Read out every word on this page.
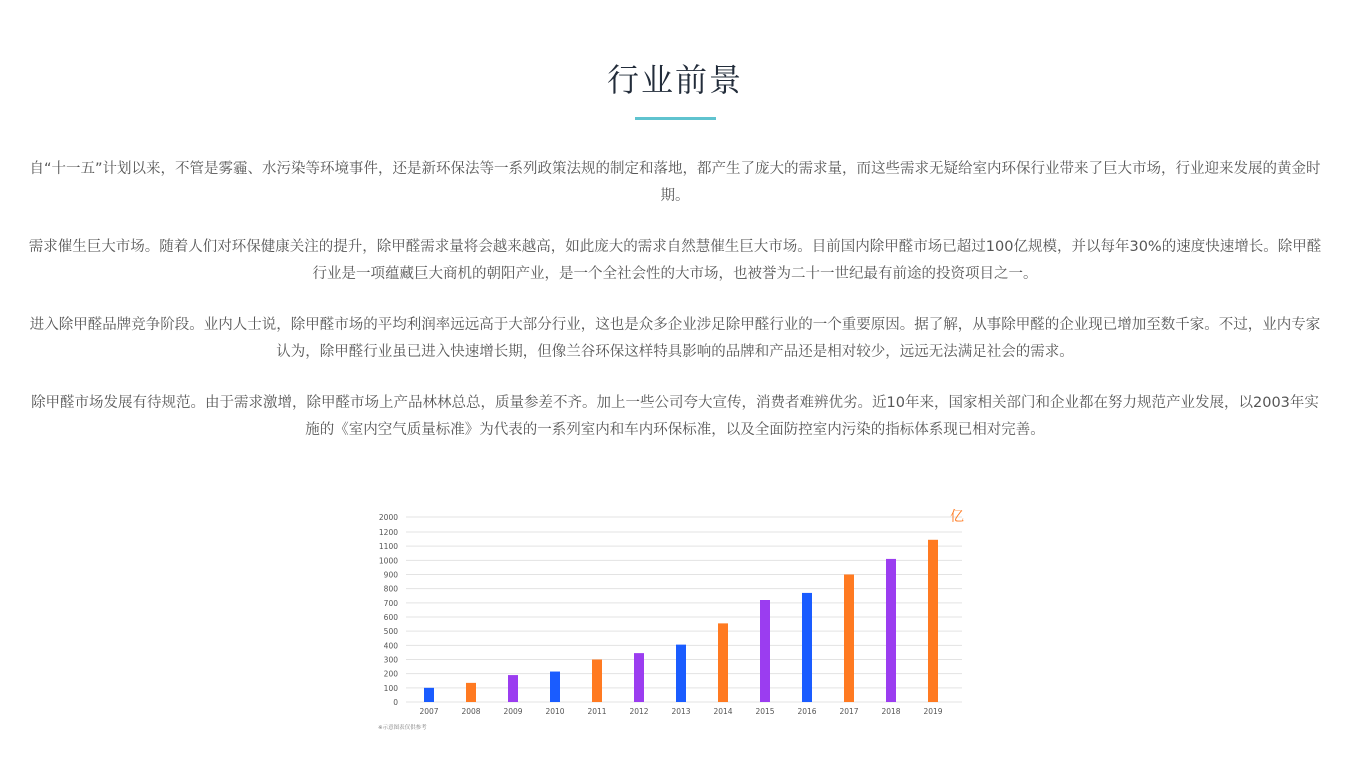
行业前景

自“十一五”计划以来，不管是雾霾、水污染等环境事件，还是新环保法等一系列政策法规的制定和落地，都产生了庞大的需求量，而这些需求无疑给室内环保行业带来了巨大市场，行业迎来发展的黄金时期。

需求催生巨大市场。随着人们对环保健康关注的提升，除甲醛需求量将会越来越高，如此庞大的需求自然慧催生巨大市场。目前国内除甲醛市场已超过100亿规模，并以每年30%的速度快速增长。除甲醛行业是一项蕴藏巨大商机的朝阳产业，是一个全社会性的大市场，也被誉为二十一世纪最有前途的投资项目之一。

进入除甲醛品牌竞争阶段。业内人士说，除甲醛市场的平均利润率远远高于大部分行业，这也是众多企业涉足除甲醛行业的一个重要原因。据了解，从事除甲醛的企业现已增加至数千家。不过，业内专家认为，除甲醛行业虽已进入快速增长期，但像兰谷环保这样特具影响的品牌和产品还是相对较少，远远无法满足社会的需求。

除甲醛市场发展有待规范。由于需求激增，除甲醛市场上产品林林总总，质量参差不齐。加上一些公司夸大宣传，消费者难辨优劣。近10年来，国家相关部门和企业都在努力规范产业发展，以2003年实施的《室内空气质量标准》为代表的一系列室内和车内环保标准，以及全面防控室内污染的指标体系现已相对完善。

0
100
200
300
400
500
600
700
800
900
1000
1100
1200
2000
2007	2008	2009	2010	2011	2012	2013	2014	2015	2016	2017	2018	2019
亿
※示意图表仅供参考
